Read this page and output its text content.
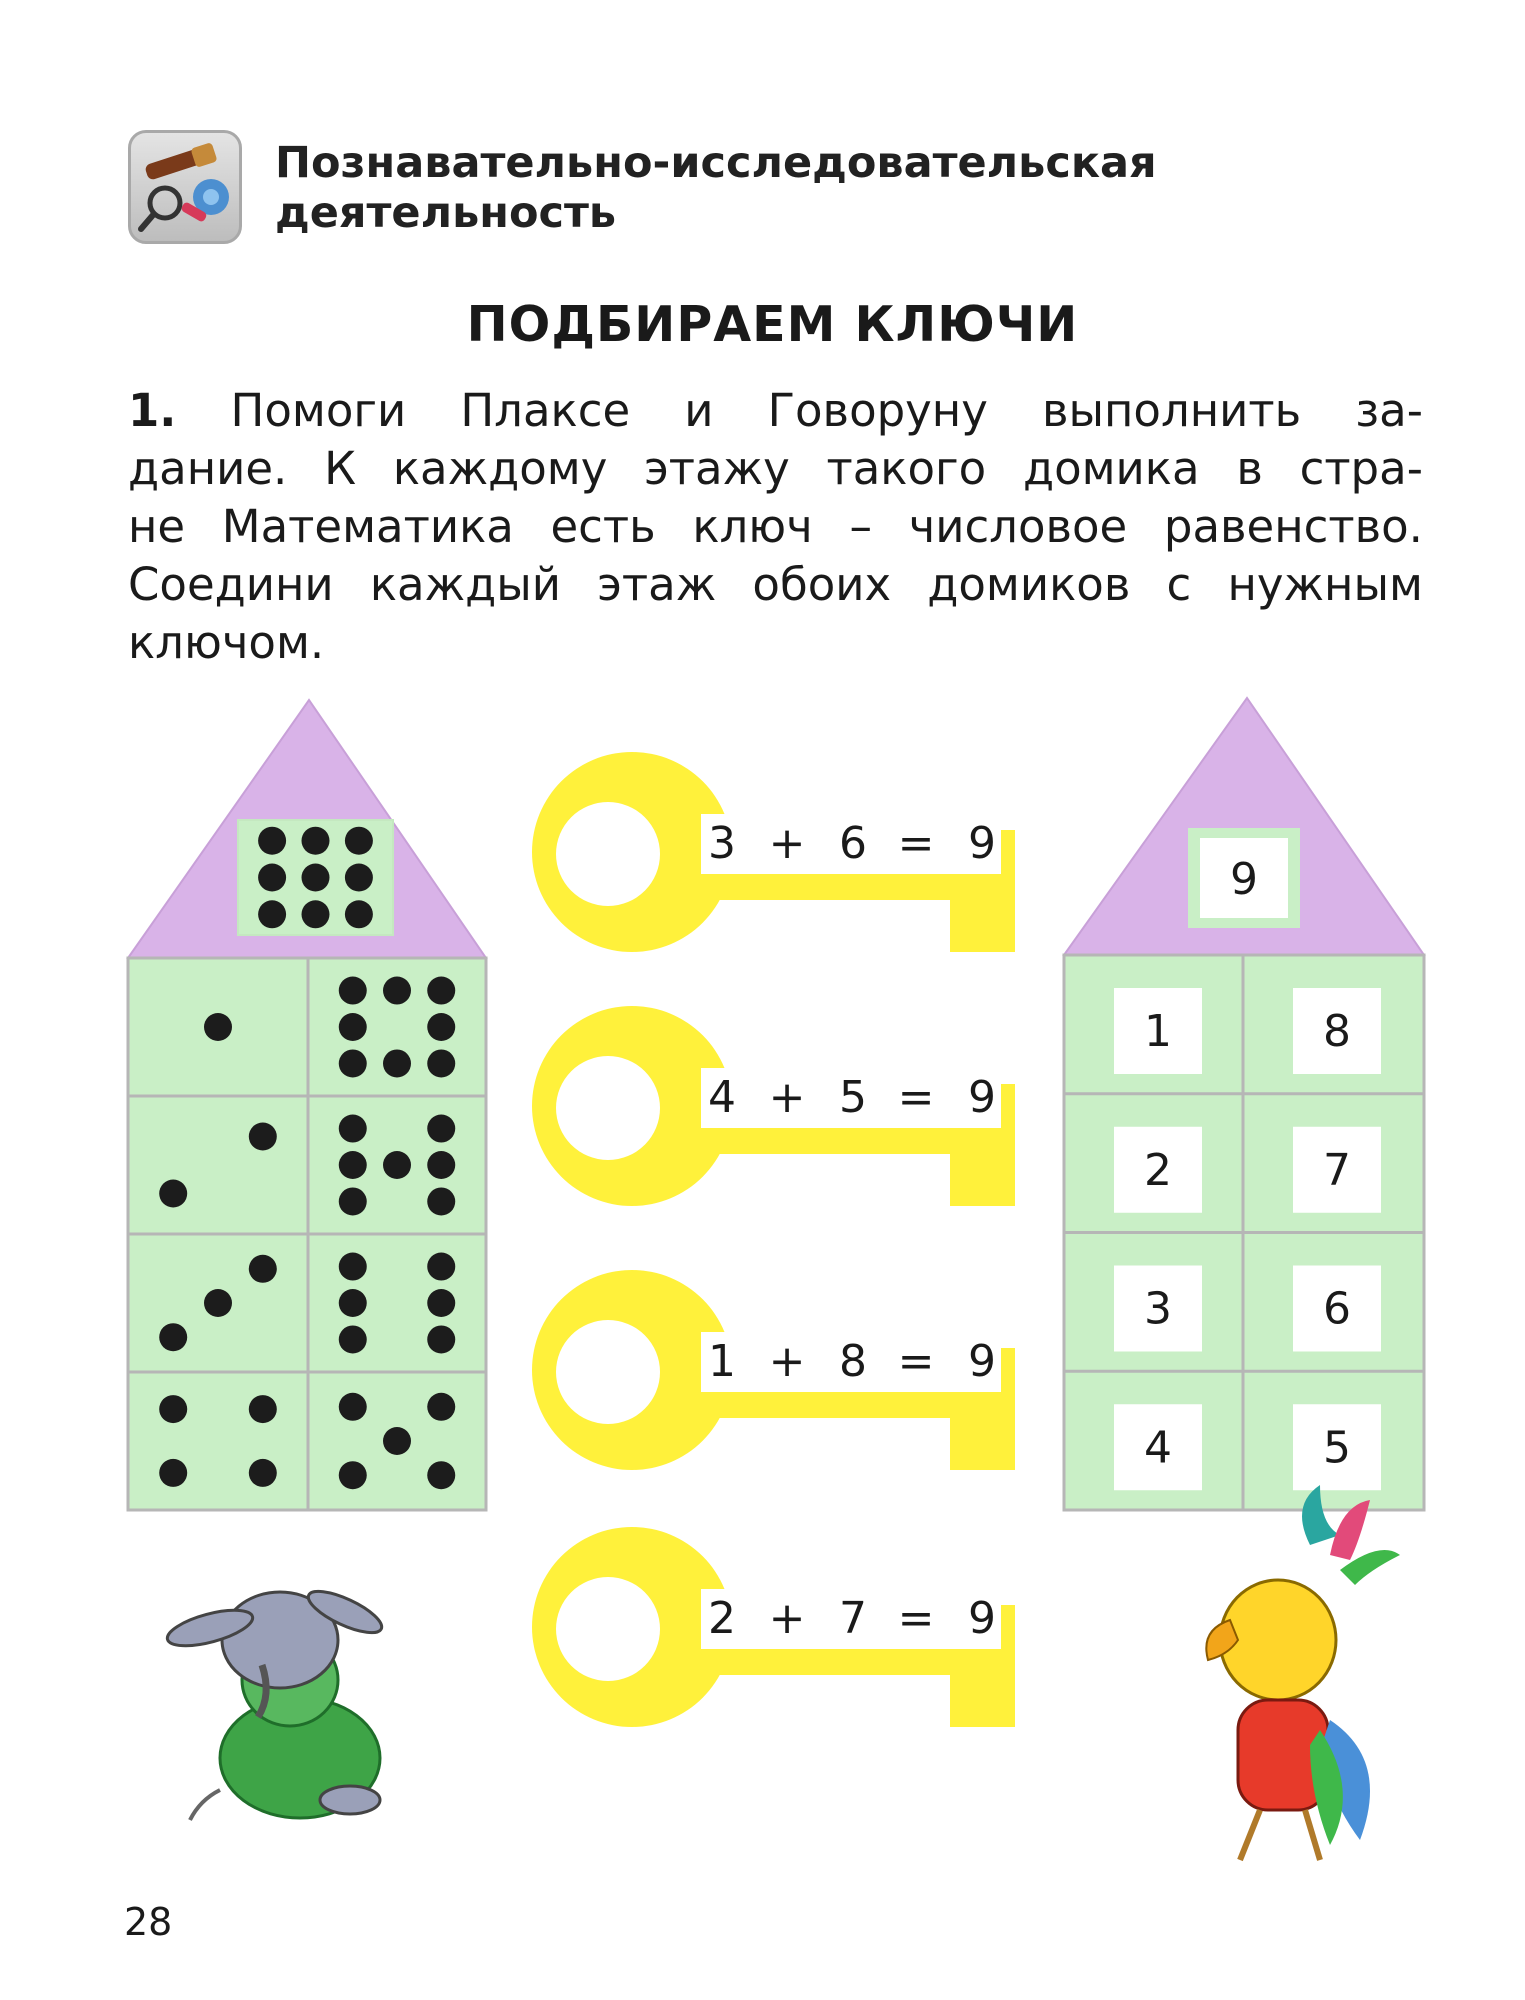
Познавательно-исследовательская
деятельность
ПОДБИРАЕМ КЛЮЧИ
1. Помоги Плаксе и Говоруну выполнить за-
дание. К каждому этажу такого домика в стра-
не Математика есть ключ – числовое равенство.
Соедини каждый этаж обоих домиков с нужным
ключом.
3 + 6 = 9
4 + 5 = 9
1 + 8 = 9
2 + 7 = 9
9
1	8
2	7
3	6
4	5
28
